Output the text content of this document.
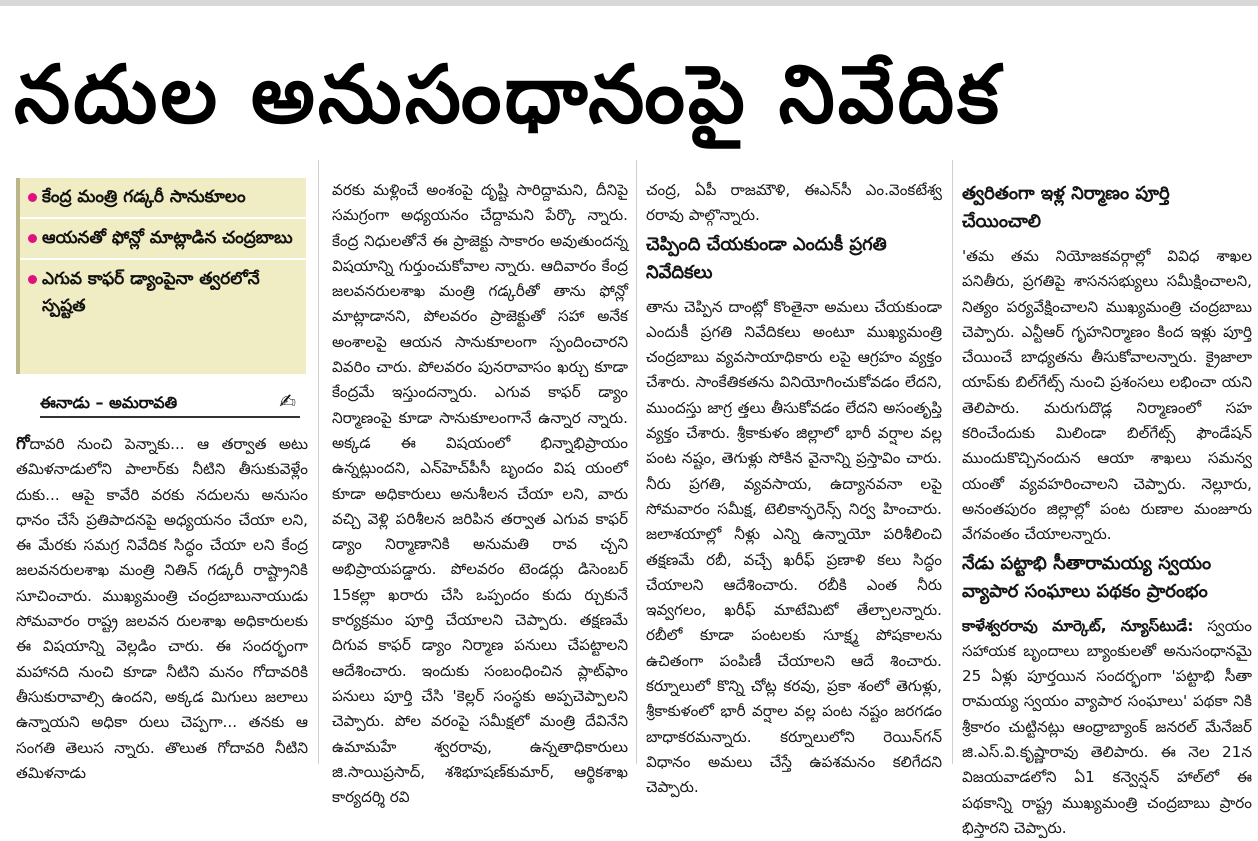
నదుల అనుసంధానంపై నివేదిక
కేంద్ర మంత్రి గడ్కరీ సానుకూలం
ఆయనతో ఫోన్లో మాట్లాడిన చంద్రబాబు
ఎగువ కాఫర్ డ్యాంపైనా త్వరలోనే స్పష్టత
ఈనాడు – అమరావతి	✍

గోదావరి నుంచి పెన్నాకు... ఆ తర్వాత అటు తమిళనాడులోని పాలార్‌కు నీటిని తీసుకువెళ్లేం దుకు... ఆపై కావేరి వరకు నదులను అనుసం ధానం చేసే ప్రతిపాదనపై అధ్యయనం చేయా లని, ఈ మేరకు సమగ్ర నివేదిక సిద్ధం చేయా లని కేంద్ర జలవనరులశాఖ మంత్రి నితిన్ గడ్కరీ రాష్ట్రానికి సూచించారు. ముఖ్యమంత్రి చంద్రబాబునాయుడు సోమవారం రాష్ట్ర జలవన రులశాఖ అధికారులకు ఈ విషయాన్ని వెల్లడిం చారు. ఈ సందర్భంగా మహానది నుంచి కూడా నీటిని మనం గోదావరికి తీసుకురావాల్సి ఉందని, అక్కడ మిగులు జలాలు ఉన్నాయని అధికా రులు చెప్పగా... తనకు ఆ సంగతి తెలుస న్నారు. తొలుత గోదావరి నీటిని తమిళనాడు

వరకు మళ్లించే అంశంపై దృష్టి సారిద్దామని, దీనిపై సమగ్రంగా అధ్యయనం చేద్దామని పేర్కొ న్నారు. కేంద్ర నిధులతోనే ఈ ప్రాజెక్టు సాకారం అవుతుందన్న విషయాన్ని గుర్తుంచుకోవాల న్నారు. ఆదివారం కేంద్ర జలవనరులశాఖ మంత్రి గడ్కరీతో తాను ఫోన్లో మాట్లాడానని, పోలవరం ప్రాజెక్టుతో సహా అనేక అంశాలపై ఆయన సానుకూలంగా స్పందించారని వివరిం చారు. పోలవరం పునరావాసం ఖర్చు కూడా కేంద్రమే ఇస్తుందన్నారు. ఎగువ కాఫర్ డ్యాం నిర్మాణంపై కూడా సానుకూలంగానే ఉన్నార న్నారు. అక్కడ ఈ విషయంలో భిన్నాభిప్రాయం ఉన్నట్లుందని, ఎన్‌హెచ్‌పీసీ బృందం విష యంలో కూడా అధికారులు అనుశీలన చేయా లని, వారు వచ్చి వెళ్లి పరిశీలన జరిపిన తర్వాత ఎగువ కాఫర్ డ్యాం నిర్మాణానికి అనుమతి రావ చ్చని అభిప్రాయపడ్డారు. పోలవరం టెండర్లు డిసెంబర్ 15కల్లా ఖరారు చేసి ఒప్పందం కుదు ర్చుకునే కార్యక్రమం పూర్తి చేయాలని చెప్పారు. తక్షణమే దిగువ కాఫర్ డ్యాం నిర్మాణ పనులు చేపట్టాలని ఆదేశించారు. ఇందుకు సంబంధించిన ప్లాట్‌ఫాం పనులు పూర్తి చేసి 'కెల్లర్ సంస్థకు అప్పచెప్పాలని చెప్పారు. పోల వరంపై సమీక్షలో మంత్రి దేవినేని ఉమామహే శ్వరరావు, ఉన్నతాధికారులు జి.సాయిప్రసాద్, శశిభూషణ్‌కుమార్, ఆర్థికశాఖ కార్యదర్శి రవి

చంద్ర, ఏపీ రాజమౌళి, ఈఎన్‌సీ ఎం.వెంకటేశ్వ రరావు పాల్గొన్నారు.

చెప్పింది చేయకుండా ఎందుకీ ప్రగతి నివేదికలు

తాను చెప్పిన దాంట్లో కొంతైనా అమలు చేయకుండా ఎందుకీ ప్రగతి నివేదికలు అంటూ ముఖ్యమంత్రి చంద్రబాబు వ్యవసాయాధికారు లపై ఆగ్రహం వ్యక్తం చేశారు. సాంకేతికతను వినియోగించుకోవడం లేదని, ముందస్తు జాగ్ర త్తలు తీసుకోవడం లేదని అసంతృప్తి వ్యక్తం చేశారు. శ్రీకాకుళం జిల్లాలో భారీ వర్షాల వల్ల పంట నష్టం, తెగుళ్లు సోకిన వైనాన్ని ప్రస్తావిం చారు. నీరు ప్రగతి, వ్యవసాయ, ఉద్యానవనా లపై సోమవారం సమీక్ష, టెలికాన్ఫరెన్స్ నిర్వ హించారు. జలాశయాల్లో నీళ్లు ఎన్ని ఉన్నాయో పరిశీలించి తక్షణమే రబీ, వచ్చే ఖరీఫ్ ప్రణాళి కలు సిద్ధం చేయాలని ఆదేశించారు. రబీకి ఎంత నీరు ఇవ్వగలం, ఖరీఫ్ మాటేమిటో తేల్చాలన్నారు. రబీలో కూడా పంటలకు సూక్ష్మ పోషకాలను ఉచితంగా పంపిణీ చేయాలని ఆదే శించారు. కర్నూలులో కొన్ని చోట్ల కరవు, ప్రకా శంలో తెగుళ్లు, శ్రీకాకుళంలో భారీ వర్షాల వల్ల పంట నష్టం జరగడం బాధాకరమన్నారు. కర్నూలులోని రెయిన్‌గన్ విధానం అమలు చేస్తే ఉపశమనం కలిగేదని చెప్పారు.

త్వరితంగా ఇళ్ల నిర్మాణం పూర్తి చేయించాలి

'తమ తమ నియోజకవర్గాల్లో వివిధ శాఖల పనితీరు, ప్రగతిపై శాసనసభ్యులు సమీక్షించాలని, నిత్యం పర్యవేక్షించాలని ముఖ్యమంత్రి చంద్రబాబు చెప్పారు. ఎన్టీఆర్ గృహనిర్మాణం కింద ఇళ్లు పూర్తి చేయించే బాధ్యతను తీసుకోవాలన్నారు. క్రైజాలా యాప్‌కు బిల్‌గేట్స్ నుంచి ప్రశంసలు లభించా యని తెలిపారు. మరుగుదొడ్ల నిర్మాణంలో సహ కరించేందుకు మిలిండా బిల్‌గేట్స్ ఫౌండేషన్ ముందుకొచ్చినందున ఆయా శాఖలు సమన్వ యంతో వ్యవహరించాలని చెప్పారు. నెల్లూరు, అనంతపురం జిల్లాల్లో పంట రుణాల మంజూరు వేగవంతం చేయాలన్నారు.

నేడు పట్టాభి సీతారామయ్య స్వయం వ్యాపార సంఘాలు పథకం ప్రారంభం

కాళేశ్వరరావు మార్కెట్, న్యూస్‌టుడే: స్వయం సహాయక బృందాలు బ్యాంకులతో అనుసంధానమై 25 ఏళ్లు పూర్తయిన సందర్భంగా 'పట్టాభి సీతా రామయ్య స్వయం వ్యాపార సంఘాలు' పథకా నికి శ్రీకారం చుట్టినట్లు ఆంధ్రాబ్యాంక్ జనరల్ మేనేజర్ జి.ఎస్.వి.కృష్ణారావు తెలిపారు. ఈ నెల 21న విజయవాడలోని ఏ1 కన్వెన్షన్ హాల్‌లో ఈ పథకాన్ని రాష్ట్ర ముఖ్యమంత్రి చంద్రబాబు ప్రారం భిస్తారని చెప్పారు.
